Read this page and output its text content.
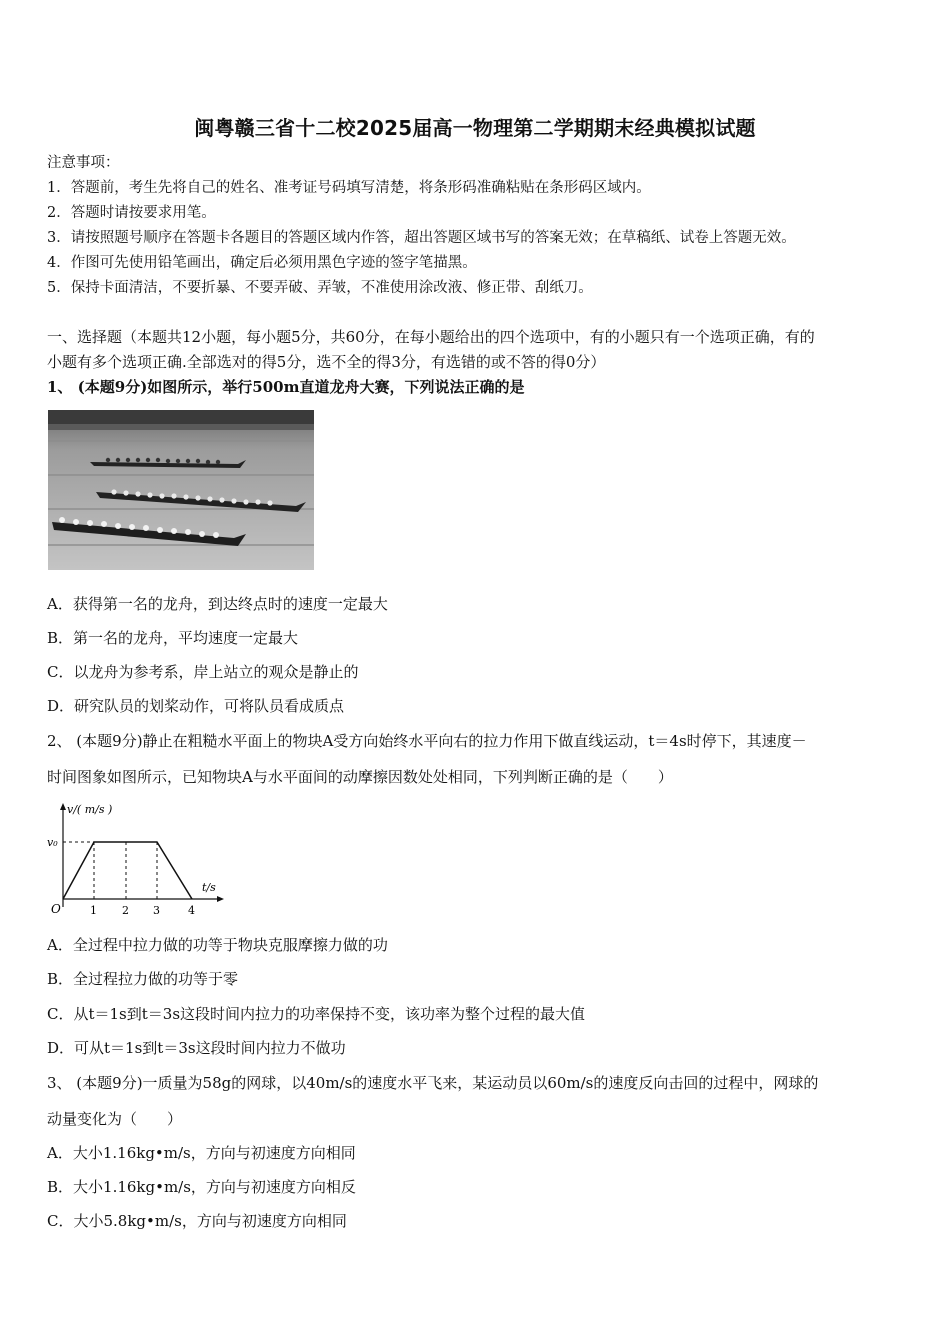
闽粤赣三省十二校2025届高一物理第二学期期末经典模拟试题
注意事项：
1．答题前，考生先将自己的姓名、准考证号码填写清楚，将条形码准确粘贴在条形码区域内。
2．答题时请按要求用笔。
3．请按照题号顺序在答题卡各题目的答题区域内作答，超出答题区域书写的答案无效；在草稿纸、试卷上答题无效。
4．作图可先使用铅笔画出，确定后必须用黑色字迹的签字笔描黑。
5．保持卡面清洁，不要折暴、不要弄破、弄皱，不准使用涂改液、修正带、刮纸刀。
一、选择题（本题共12小题，每小题5分，共60分，在每小题给出的四个选项中，有的小题只有一个选项正确，有的
小题有多个选项正确.全部选对的得5分，选不全的得3分，有选错的或不答的得0分）
1、 (本题9分)如图所示，举行500m直道龙舟大赛，下列说法正确的是
A．获得第一名的龙舟，到达终点时的速度一定最大
B．第一名的龙舟，平均速度一定最大
C．以龙舟为参考系，岸上站立的观众是静止的
D．研究队员的划桨动作，可将队员看成质点
2、 (本题9分)静止在粗糙水平面上的物块A受方向始终水平向右的拉力作用下做直线运动，t＝4s时停下，其速度－
时间图象如图所示，已知物块A与水平面间的动摩擦因数处处相同，下列判断正确的是（　　）
v/( m/s )
v₀
t/s
O	1 2 3	4
A．全过程中拉力做的功等于物块克服摩擦力做的功
B．全过程拉力做的功等于零
C．从t＝1s到t＝3s这段时间内拉力的功率保持不变，该功率为整个过程的最大值
D．可从t＝1s到t＝3s这段时间内拉力不做功
3、 (本题9分)一质量为58g的网球，以40m/s的速度水平飞来，某运动员以60m/s的速度反向击回的过程中，网球的
动量变化为（　　）
A．大小1.16kg•m/s，方向与初速度方向相同
B．大小1.16kg•m/s，方向与初速度方向相反
C．大小5.8kg•m/s，方向与初速度方向相同
